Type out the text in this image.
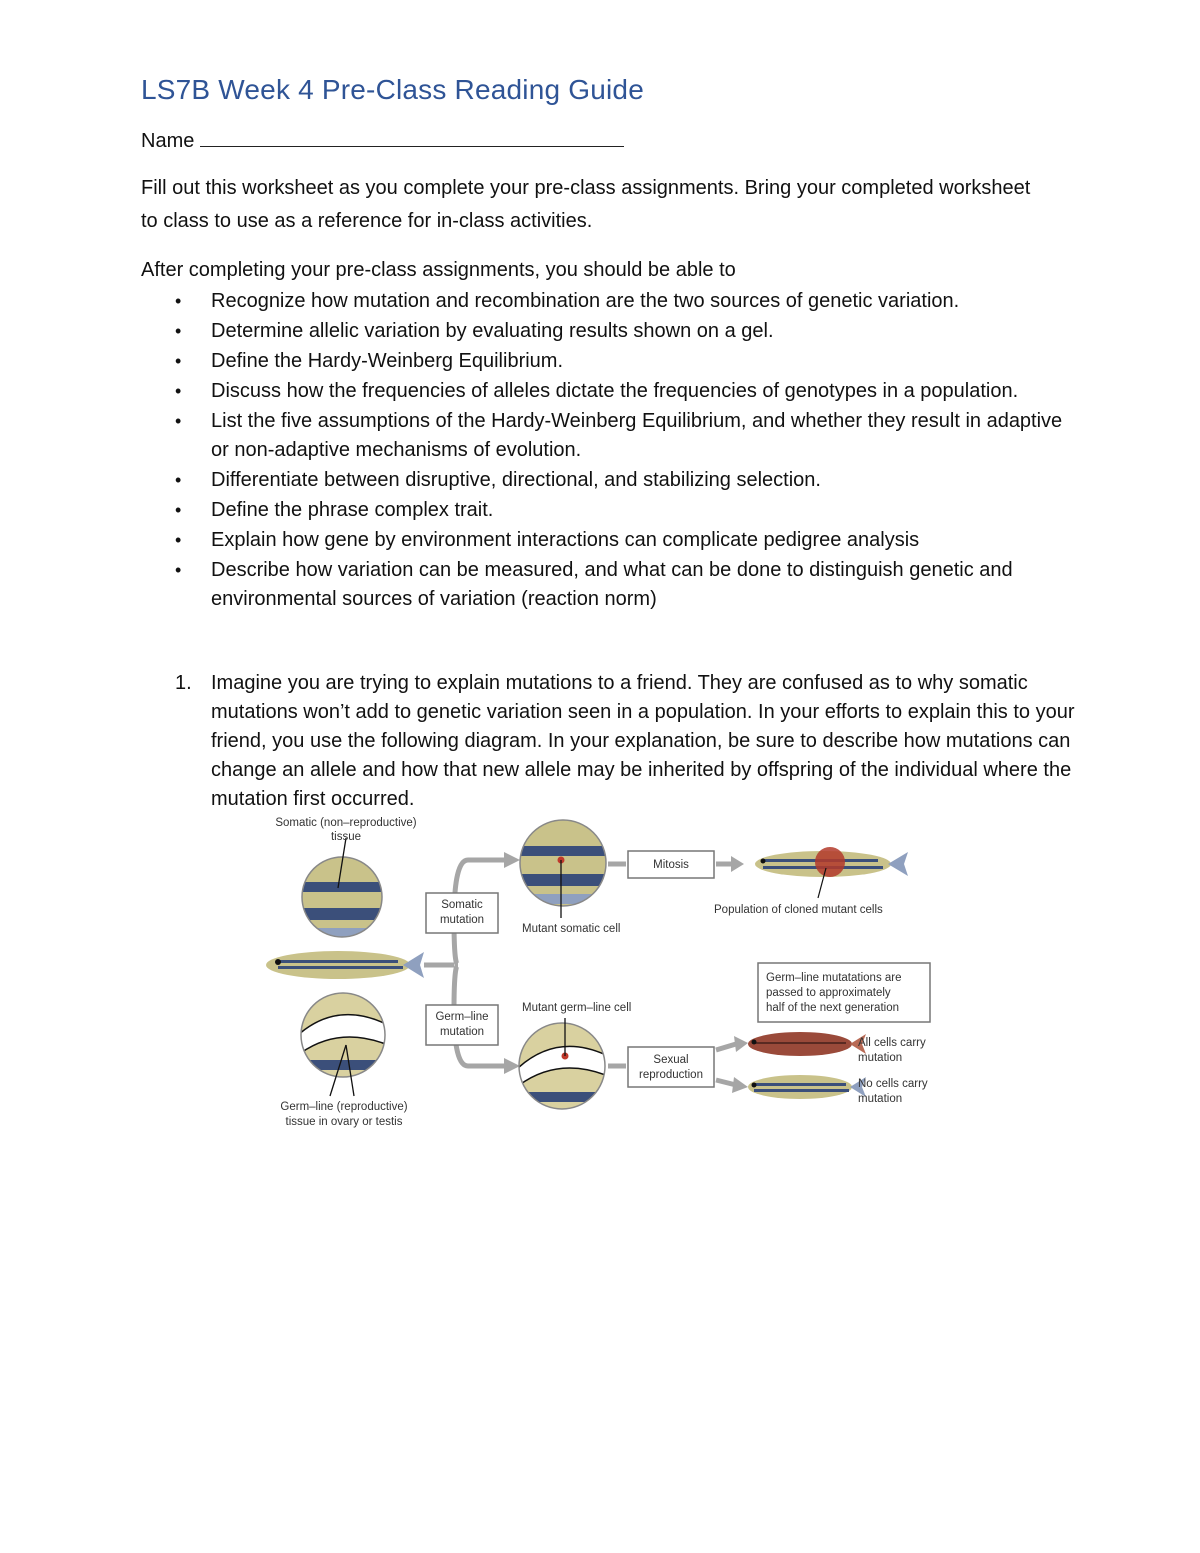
LS7B Week 4 Pre-Class Reading Guide
Name

Fill out this worksheet as you complete your pre-class assignments. Bring your completed worksheet to class to use as a reference for in-class activities.

After completing your pre-class assignments, you should be able to

• Recognize how mutation and recombination are the two sources of genetic variation.
• Determine allelic variation by evaluating results shown on a gel.
• Define the Hardy-Weinberg Equilibrium.
• Discuss how the frequencies of alleles dictate the frequencies of genotypes in a population.
• List the five assumptions of the Hardy-Weinberg Equilibrium, and whether they result in adaptive or non-adaptive mechanisms of evolution.
• Differentiate between disruptive, directional, and stabilizing selection.
• Define the phrase complex trait.
• Explain how gene by environment interactions can complicate pedigree analysis
• Describe how variation can be measured, and what can be done to distinguish genetic and environmental sources of variation (reaction norm)
1. Imagine you are trying to explain mutations to a friend. They are confused as to why somatic mutations won’t add to genetic variation seen in a population. In your efforts to explain this to your friend, you use the following diagram. In your explanation, be sure to describe how mutations can change an allele and how that new allele may be inherited by offspring of the individual where the mutation first occurred.
Somatic
mutation
Germ–line
mutation
Mitosis
Sexual
reproduction
Germ–line mutatations are
passed to approximately
half of the next generation
Somatic (non–reproductive)
tissue
Mutant somatic cell
Population of cloned mutant cells
Mutant germ–line cell
All cells carry
mutation
No cells carry
mutation
Germ–line (reproductive)
tissue in ovary or testis
